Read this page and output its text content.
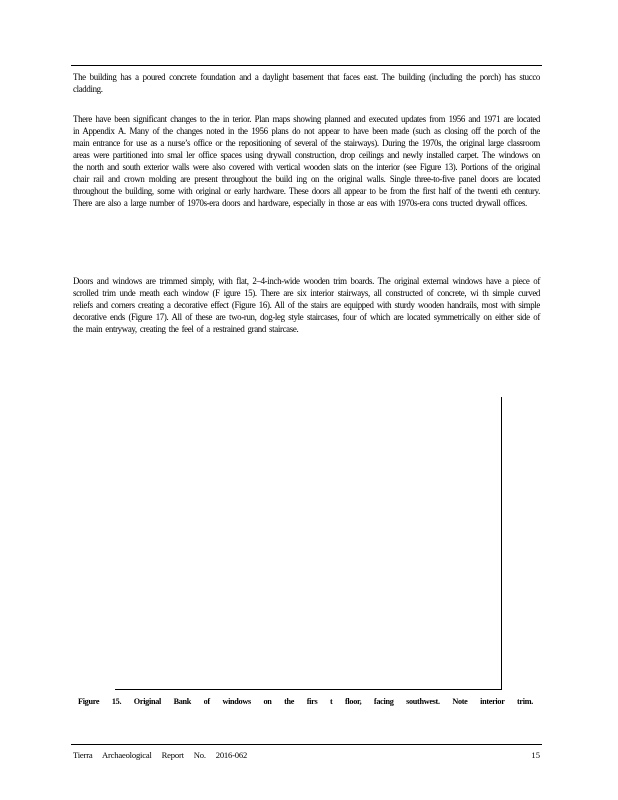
The building has a poured concrete foundation and a daylight basement that faces east. The building (including the porch) has stucco cladding.

There have been significant changes to the in terior. Plan maps showing planned and executed updates from 1956 and 1971 are located in Appendix A. Many of the changes noted in the 1956 plans do not appear to have been made (such as closing off the porch of the main entrance for use as a nurse’s office or the repositioning of several of the stairways). During the 1970s, the original large classroom areas were partitioned into smal ler office spaces using drywall construction, drop ceilings and newly installed carpet. The windows on the north and south exterior walls were also covered with vertical wooden slats on the interior (see Figure 13). Portions of the original chair rail and crown molding are present throughout the build ing on the original walls. Single three-to-five panel doors are located throughout the building, some with original or early hardware. These doors all appear to be from the first half of the twenti eth century. There are also a large number of 1970s-era doors and hardware, especially in those ar eas with 1970s-era cons tructed drywall offices.

Doors and windows are trimmed simply, with flat, 2–4-inch-wide wooden trim boards. The original external windows have a piece of scrolled trim unde rneath each window (F igure 15). There are six interior stairways, all constructed of concrete, wi th simple curved reliefs and corners creating a decorative effect (Figure 16). All of the stairs are equipped with sturdy wooden handrails, most with simple decorative ends (Figure 17). All of these are two-run, dog-leg style staircases, four of which are located symmetrically on either side of the main entryway, creating the feel of a restrained grand staircase.

Figure 15. Original Bank of windows on the firs t floor, facing southwest. Note interior trim.
Tierra Archaeological Report No. 2016-062	15
